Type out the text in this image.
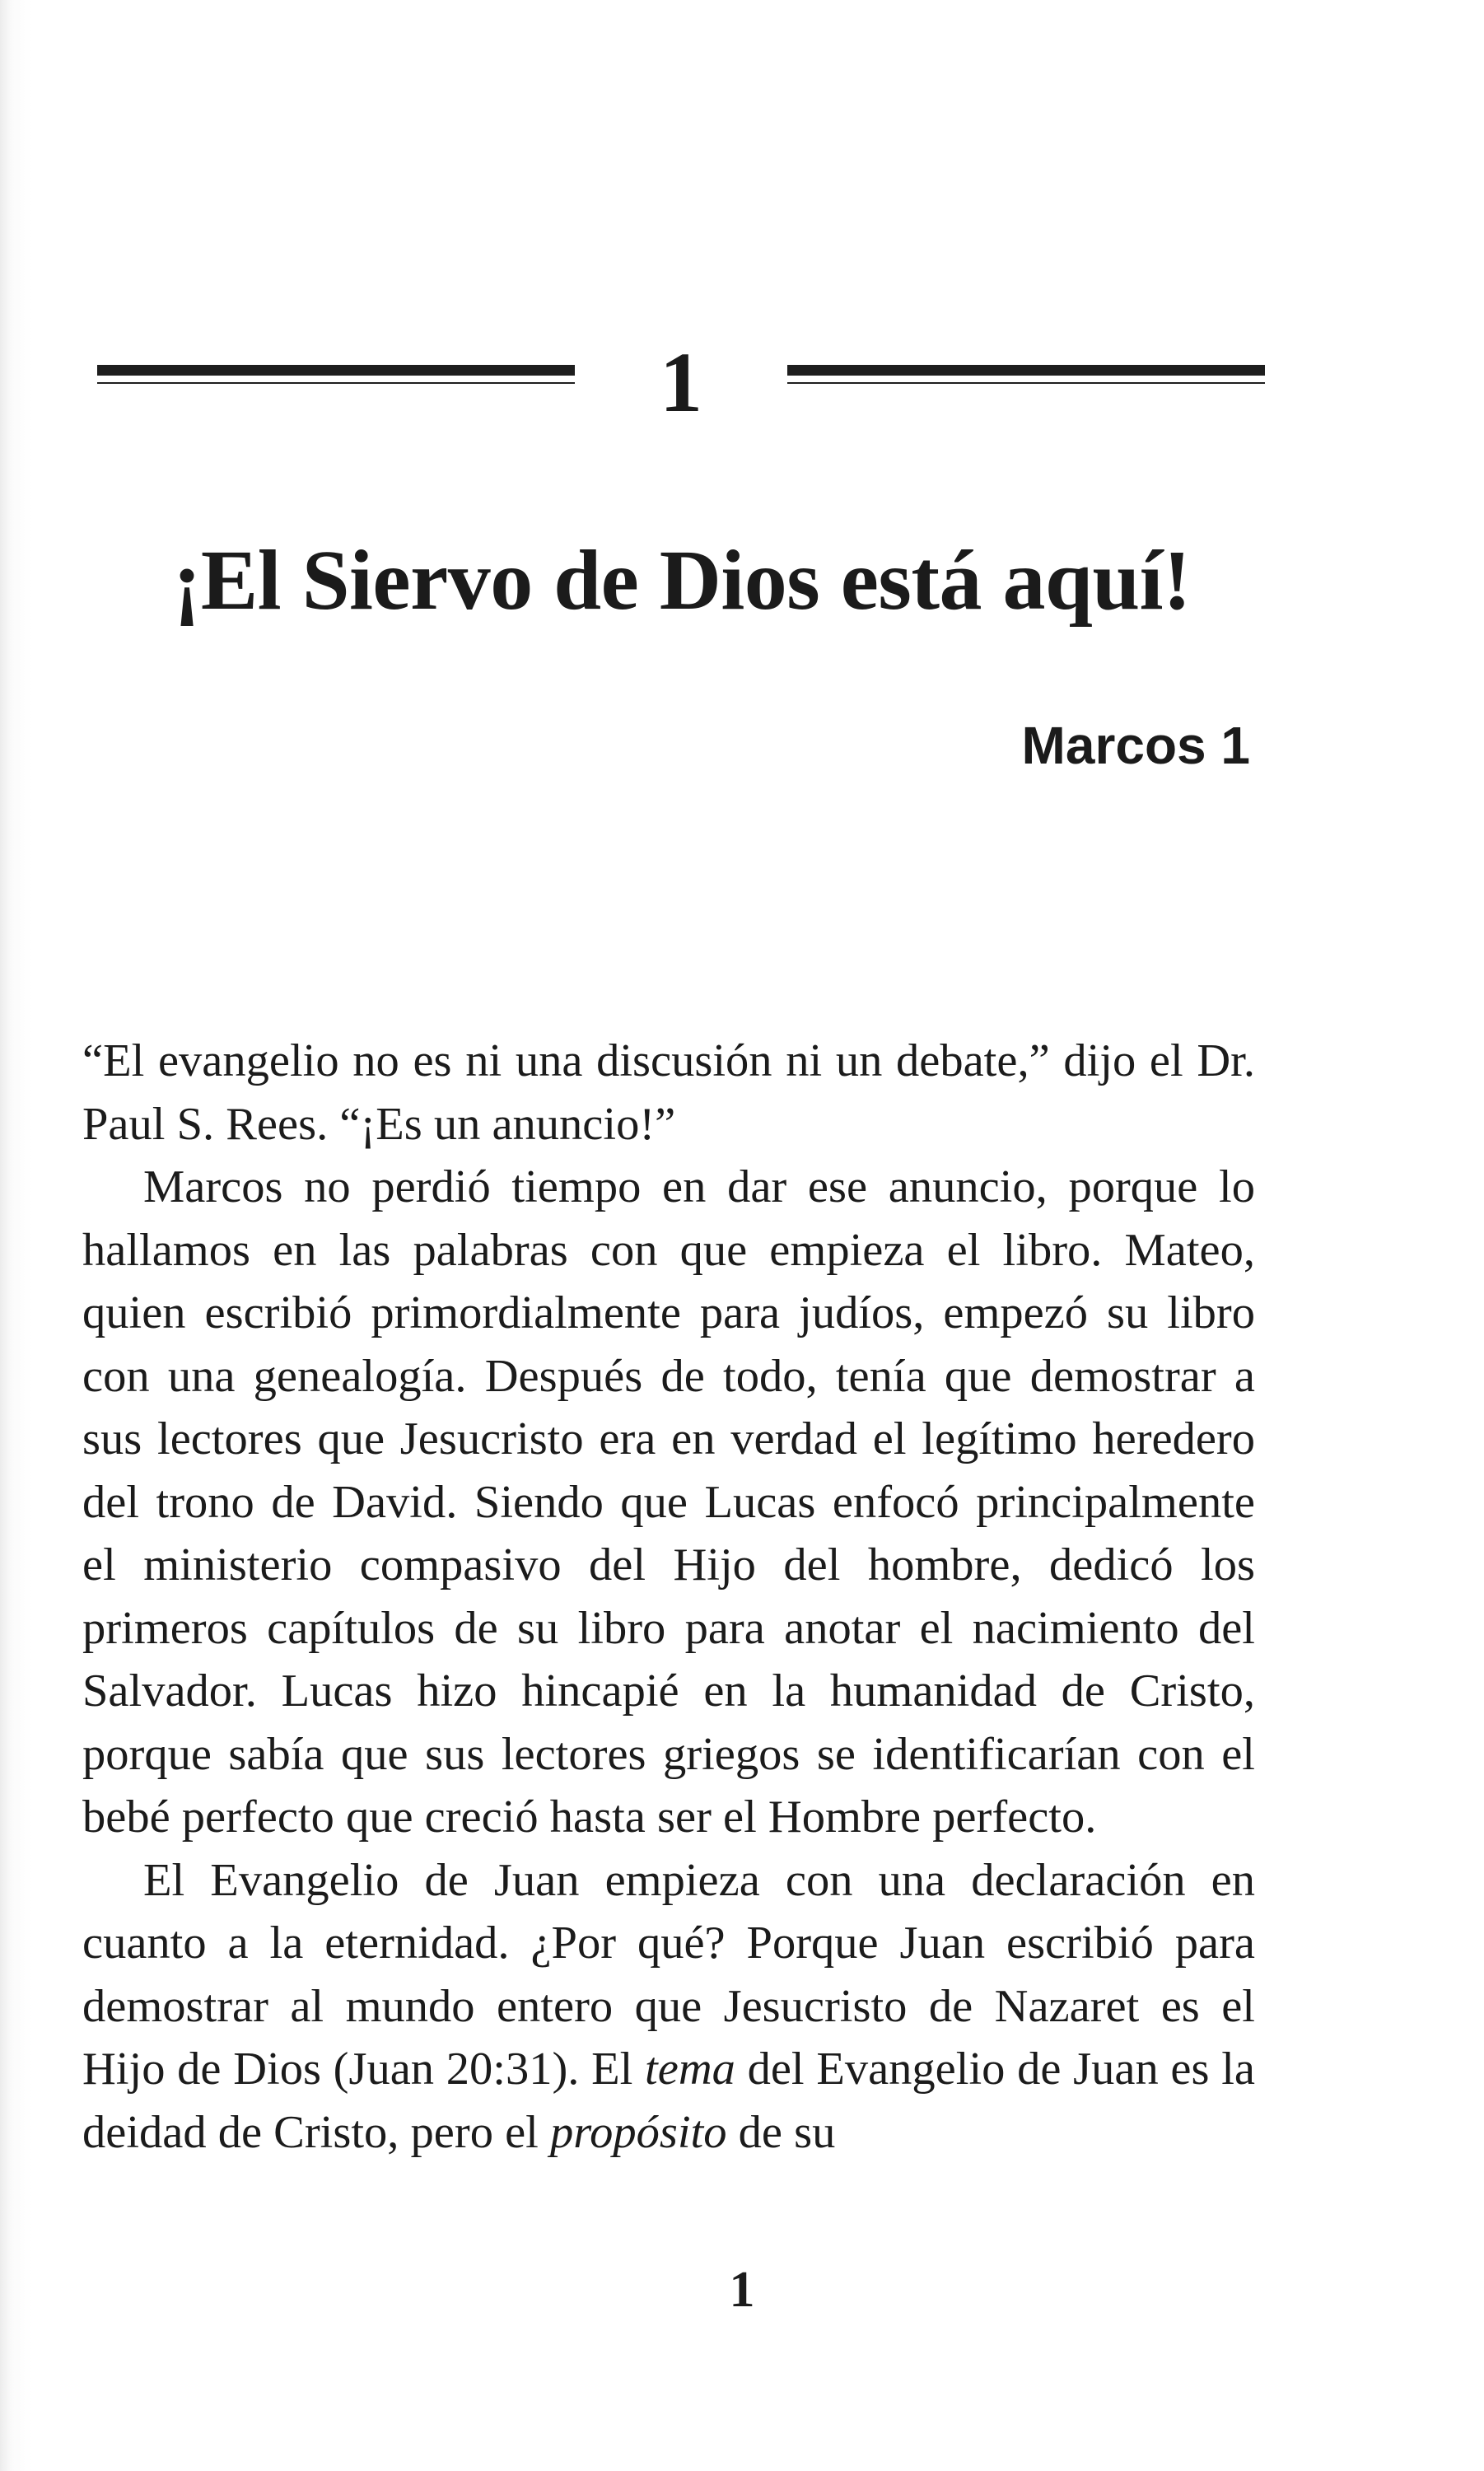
1
¡El Siervo de Dios está aquí!
Marcos 1

“El evangelio no es ni una discusión ni un debate,” dijo el Dr. Paul S. Rees. “¡Es un anuncio!”

Marcos no perdió tiempo en dar ese anuncio, porque lo hallamos en las palabras con que empieza el libro. Mateo, quien escribió primordialmente para judíos, empezó su libro con una genealogía. Después de todo, tenía que demostrar a sus lectores que Jesucristo era en verdad el legítimo heredero del trono de David. Siendo que Lucas enfocó principalmente el ministerio compasivo del Hijo del hombre, dedicó los primeros capítulos de su libro para anotar el nacimiento del Salvador. Lucas hizo hincapié en la humanidad de Cristo, porque sabía que sus lectores griegos se identificarían con el bebé perfecto que creció hasta ser el Hombre perfecto.

El Evangelio de Juan empieza con una declaración en cuanto a la eternidad. ¿Por qué? Porque Juan escribió para demostrar al mundo entero que Jesucristo de Nazaret es el Hijo de Dios (Juan 20:31). El tema del Evangelio de Juan es la deidad de Cristo, pero el propósito de su

1
